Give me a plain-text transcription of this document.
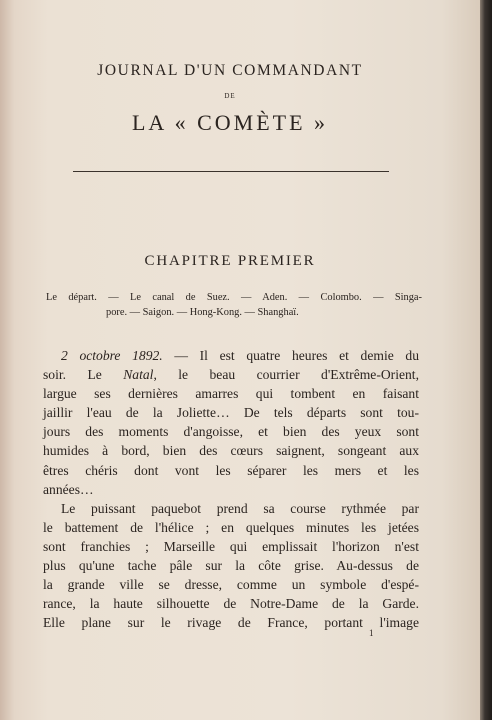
JOURNAL D'UN COMMANDANT
DE
LA « COMÈTE »
CHAPITRE PREMIER
Le départ. — Le canal de Suez. — Aden. — Colombo. — Singa-
pore. — Saigon. — Hong-Kong. — Shanghaï.
2 octobre 1892. — Il est quatre heures et demie du
soir. Le Natal, le beau courrier d'Extrême-Orient,
largue ses dernières amarres qui tombent en faisant
jaillir l'eau de la Joliette… De tels départs sont tou-
jours des moments d'angoisse, et bien des yeux sont
humides à bord, bien des cœurs saignent, songeant aux
êtres chéris dont vont les séparer les mers et les
années…
Le puissant paquebot prend sa course rythmée par
le battement de l'hélice ; en quelques minutes les jetées
sont franchies ; Marseille qui emplissait l'horizon n'est
plus qu'une tache pâle sur la côte grise. Au-dessus de
la grande ville se dresse, comme un symbole d'espé-
rance, la haute silhouette de Notre-Dame de la Garde.
Elle plane sur le rivage de France, portant l'image
1
